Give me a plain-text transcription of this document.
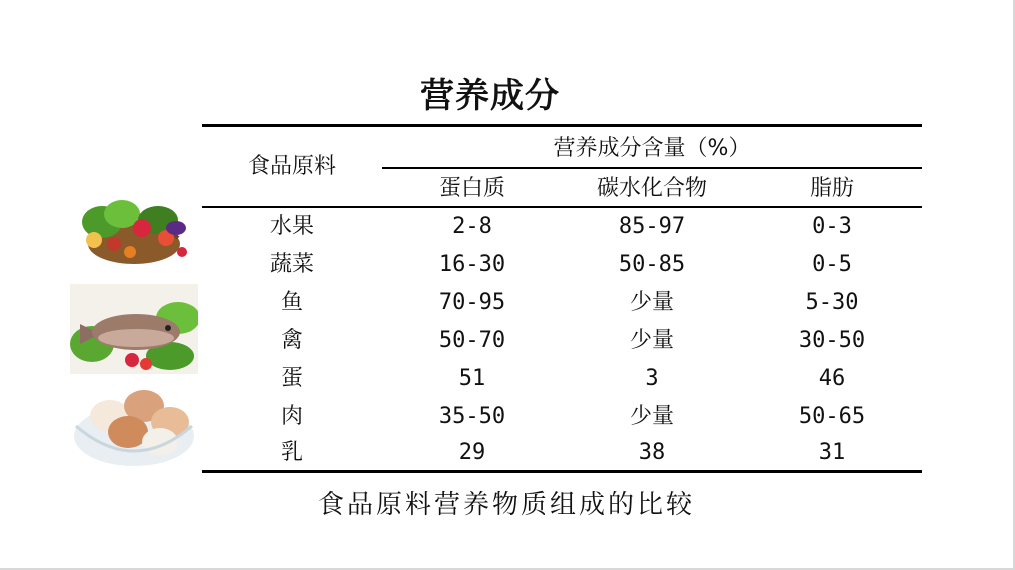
营养成分
食品原料
营养成分含量（%）
蛋白质	碳水化合物	脂肪
水果	2-8	85-97	0-3
蔬菜	16-30	50-85	0-5
鱼	70-95	少量	5-30
禽	50-70	少量	30-50
蛋	51	3	46
肉	35-50	少量	50-65
乳	29	38	31
食品原料营养物质组成的比较
